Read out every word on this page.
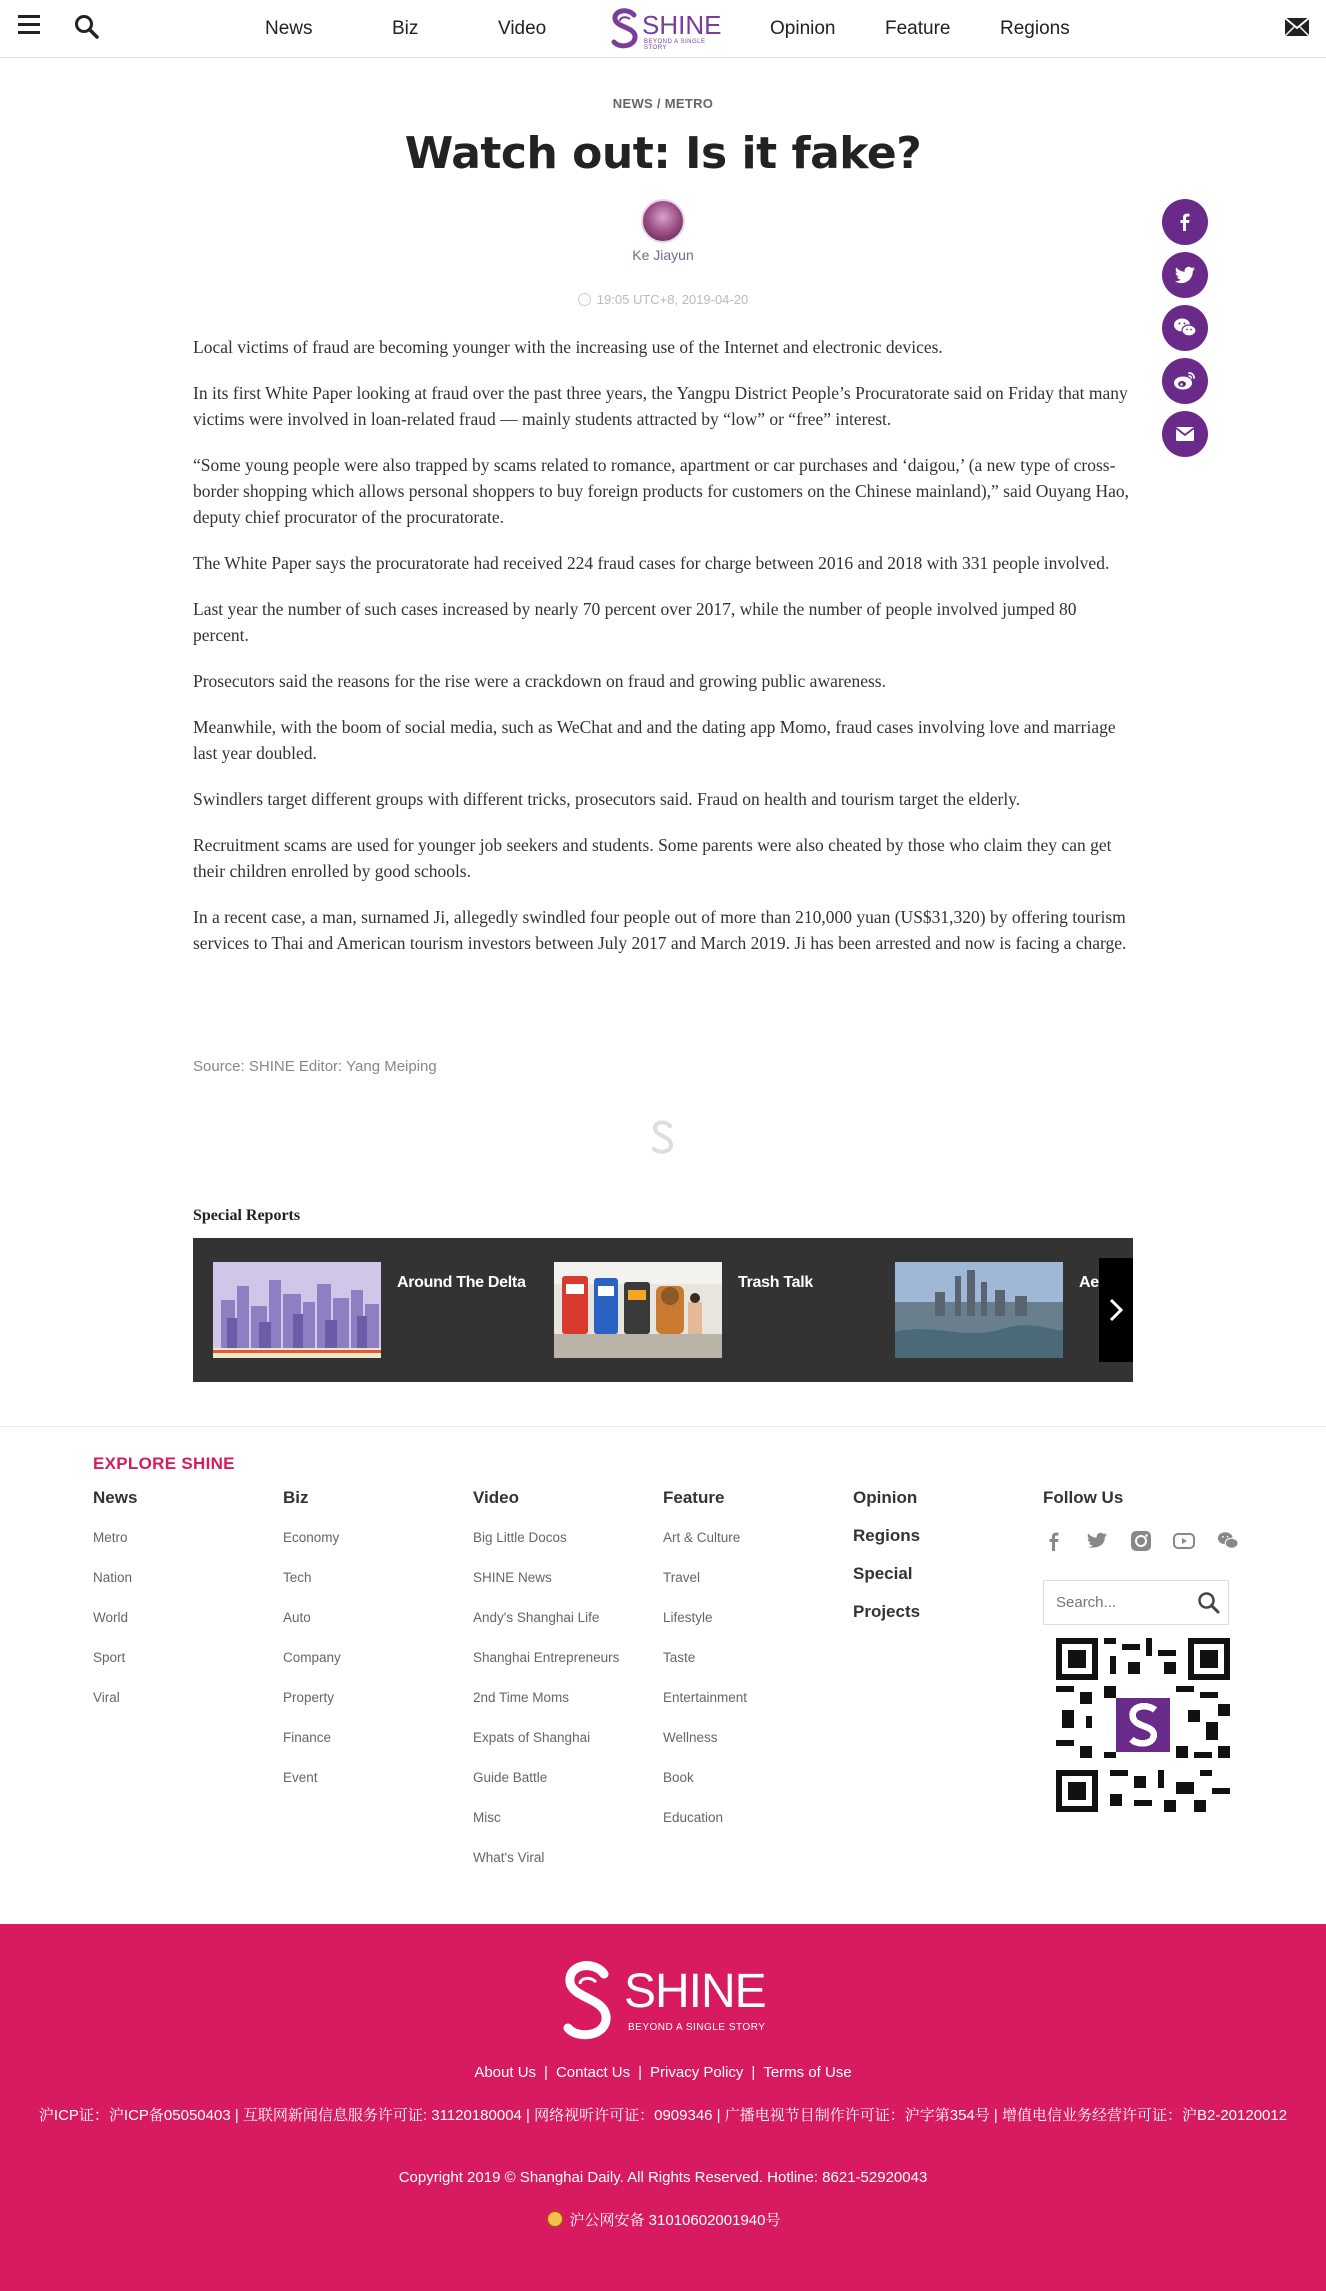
News	Biz	Video	SHINE
BEYOND A SINGLE STORY
Opinion	Feature	Regions
NEWS / METRO
Watch out: Is it fake?
Ke Jiayun
19:05 UTC+8, 2019-04-20

Local victims of fraud are becoming younger with the increasing use of the Internet and electronic devices.

In its first White Paper looking at fraud over the past three years, the Yangpu District People’s Procuratorate said on Friday that many victims were involved in loan-related fraud — mainly students attracted by “low” or “free” interest.

“Some young people were also trapped by scams related to romance, apartment or car purchases and ‘daigou,’ (a new type of cross-border shopping which allows personal shoppers to buy foreign products for customers on the Chinese mainland),” said Ouyang Hao, deputy chief procurator of the procuratorate.

The White Paper says the procuratorate had received 224 fraud cases for charge between 2016 and 2018 with 331 people involved.

Last year the number of such cases increased by nearly 70 percent over 2017, while the number of people involved jumped 80 percent.

Prosecutors said the reasons for the rise were a crackdown on fraud and growing public awareness.

Meanwhile, with the boom of social media, such as WeChat and and the dating app Momo, fraud cases involving love and marriage last year doubled.

Swindlers target different groups with different tricks, prosecutors said. Fraud on health and tourism target the elderly.

Recruitment scams are used for younger job seekers and students. Some parents were also cheated by those who claim they can get their children enrolled by good schools.

In a recent case, a man, surnamed Ji, allegedly swindled four people out of more than 210,000 yuan (US$31,320) by offering tourism services to Thai and American tourism investors between July 2017 and March 2019. Ji has been arrested and now is facing a charge.

Source: SHINE Editor: Yang Meiping
Special Reports
Around The Delta	Trash Talk	Ae
EXPLORE SHINE
News
Metro
Nation
World
Sport
Viral
Biz
Economy
Tech
Auto
Company
Property
Finance
Event
Video
Big Little Docos
SHINE News
Andy's Shanghai Life
Shanghai Entrepreneurs
2nd Time Moms
Expats of Shanghai
Guide Battle
Misc
What's Viral
Feature
Art & Culture
Travel
Lifestyle
Taste
Entertainment
Wellness
Book
Education
Opinion
Regions
Special
Projects
Follow Us

Search...
SHINE
BEYOND A SINGLE STORY
About Us | Contact Us | Privacy Policy | Terms of Use
沪ICP证：沪ICP备05050403 | 互联网新闻信息服务许可证: 31120180004 | 网络视听许可证：0909346 | 广播电视节目制作许可证：沪字第354号 | 增值电信业务经营许可证：沪B2-20120012
Copyright 2019 © Shanghai Daily. All Rights Reserved. Hotline: 8621-52920043
沪公网安备 31010602001940号
